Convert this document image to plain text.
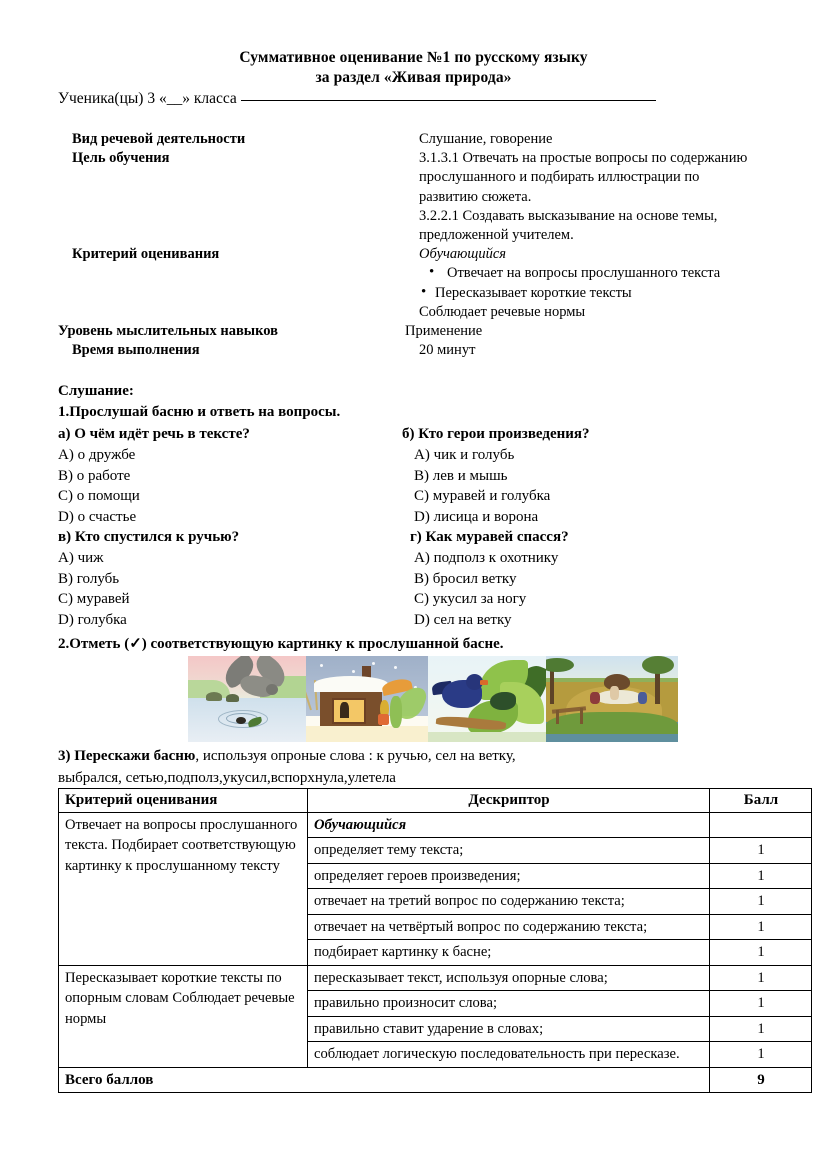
Суммативное оценивание №1 по русскому языку
за раздел «Живая природа»
Ученика(цы) 3 «__» класса
Вид речевой деятельности	Слушание, говорение
Цель обучения	3.1.3.1 Отвечать на простые вопросы по содержанию
прослушанного и подбирать иллюстрации по
развитию сюжета.
3.2.2.1 Создавать высказывание на основе темы,
предложенной учителем.
Критерий оценивания	Обучающийся
• Отвечает на вопросы прослушанного текста
• Пересказывает короткие тексты
Соблюдает речевые нормы
Уровень мыслительных навыков	Применение
Время выполнения	20 минут
Слушание:
1.Прослушай басню и ответь на вопросы.
а) О чём идёт речь в тексте?
A) о дружбе
B) о работе
C) о помощи
D) о счастье
в) Кто спустился к ручью?
A) чиж
B) голубь
C) муравей
D) голубка
б) Кто герои произведения?
A) чик и голубь
B) лев и мышь
C) муравей и голубка
D) лисица и ворона
г) Как муравей спасся?
A) подполз к охотнику
B) бросил ветку
C) укусил за ногу
D) сел на ветку
2.Отметь (✓) соответствующую картинку к прослушанной басне.
3) Перескажи басню, используя опроные слова : к ручью, сел на ветку,
выбрался, сетью,подполз,укусил,вспорхнула,улетела
Критерий оценивания	Дескриптор	Балл
Отвечает на вопросы прослушанного текста. Подбирает соответствующую картинку к прослушанному тексту	Обучающийся	
	определяет тему текста;	1
	определяет героев произведения;	1
	отвечает на третий вопрос по содержанию текста;	1
	отвечает на четвёртый вопрос по содержанию текста;	1
	подбирает картинку к басне;	1
Пересказывает короткие тексты по опорным словам Соблюдает речевые нормы	пересказывает текст, используя опорные слова;	1
	правильно произносит слова;	1
	правильно ставит ударение в словах;	1
	соблюдает логическую последовательность при пересказе.	1
Всего баллов		9
